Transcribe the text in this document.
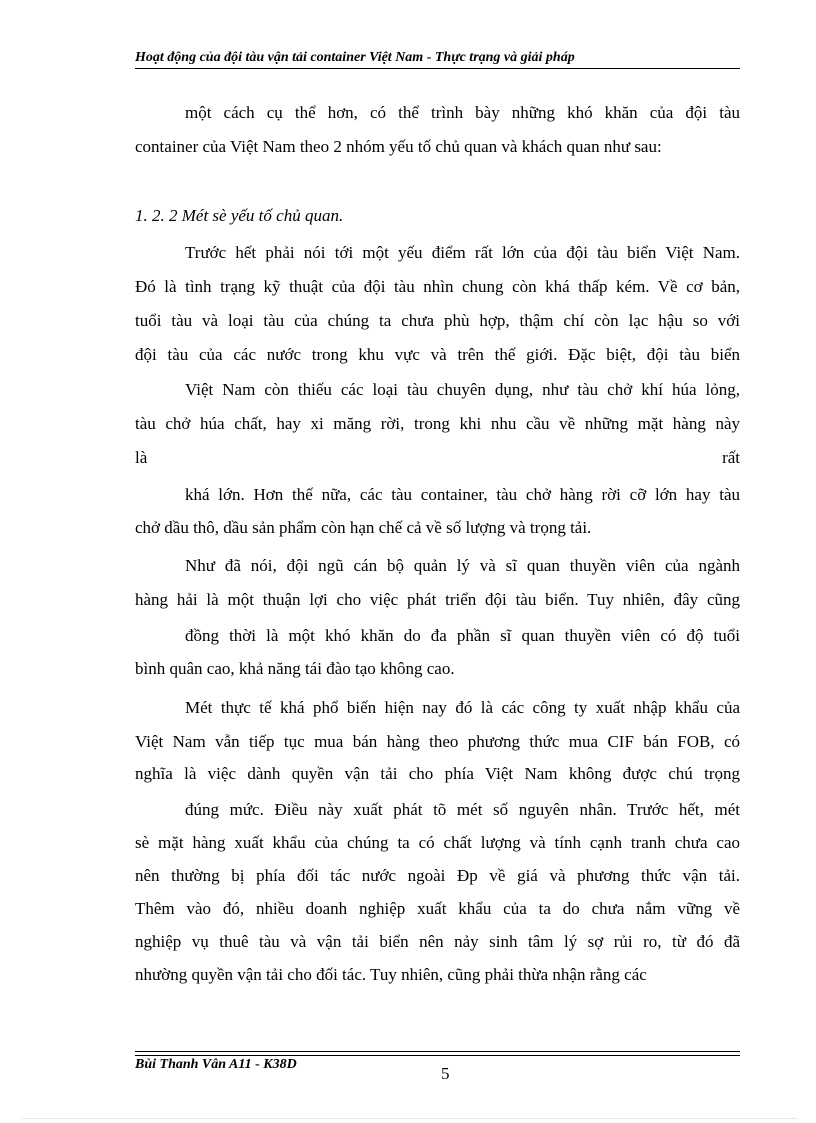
Hoạt động của đội tàu vận tải container Việt Nam - Thực trạng và giải pháp
một cách cụ thể hơn, có thể trình bày những khó khăn của đội tàu
container của Việt Nam theo 2 nhóm yếu tố chủ quan và khách quan như sau:
1. 2. 2 Mét sè yếu tố chủ quan.
Trước hết phải nói tới một yếu điểm rất lớn của đội tàu biển Việt Nam.
Đó là tình trạng kỹ thuật của đội tàu nhìn chung còn khá thấp kém. Về cơ bản,
tuổi tàu và loại tàu của chúng ta chưa phù hợp, thậm chí còn lạc hậu so với
đội tàu của các nước trong khu vực và trên thế giới. Đặc biệt, đội tàu biển
Việt Nam còn thiếu các loại tàu chuyên dụng, như tàu chở khí húa lỏng,
tàu chở húa chất, hay xi măng rời, trong khi nhu cầu về những mặt hàng này
là	rất
khá lớn. Hơn thế nữa, các tàu container, tàu chở hàng rời cỡ lớn hay tàu
chở dầu thô, dầu sản phẩm còn hạn chế cả về số lượng và trọng tải.
Như đã nói, đội ngũ cán bộ quản lý và sĩ quan thuyền viên của ngành
hàng hải là một thuận lợi cho việc phát triển đội tàu biển. Tuy nhiên, đây cũng
đồng thời là một khó khăn do đa phần sĩ quan thuyền viên có độ tuổi
bình quân cao, khả năng tái đào tạo không cao.
Mét thực tế khá phổ biến hiện nay đó là các công ty xuất nhập khẩu của
Việt Nam vẫn tiếp tục mua bán hàng theo phương thức mua CIF bán FOB, có
nghĩa là việc dành quyền vận tải cho phía Việt Nam không được chú trọng
đúng mức. Điều này xuất phát tõ mét số nguyên nhân. Trước hết, mét
sè mặt hàng xuất khẩu của chúng ta có chất lượng và tính cạnh tranh chưa cao
nên thường bị phía đối tác nước ngoài Ðp về giá và phương thức vận tải.
Thêm vào đó, nhiều doanh nghiệp xuất khẩu của ta do chưa nắm vững về
nghiệp vụ thuê tàu và vận tải biển nên nảy sinh tâm lý sợ rủi ro, từ đó đã
nhường quyền vận tải cho đối tác. Tuy nhiên, cũng phải thừa nhận rằng các
Bùi Thanh Vân A11 - K38D	5
